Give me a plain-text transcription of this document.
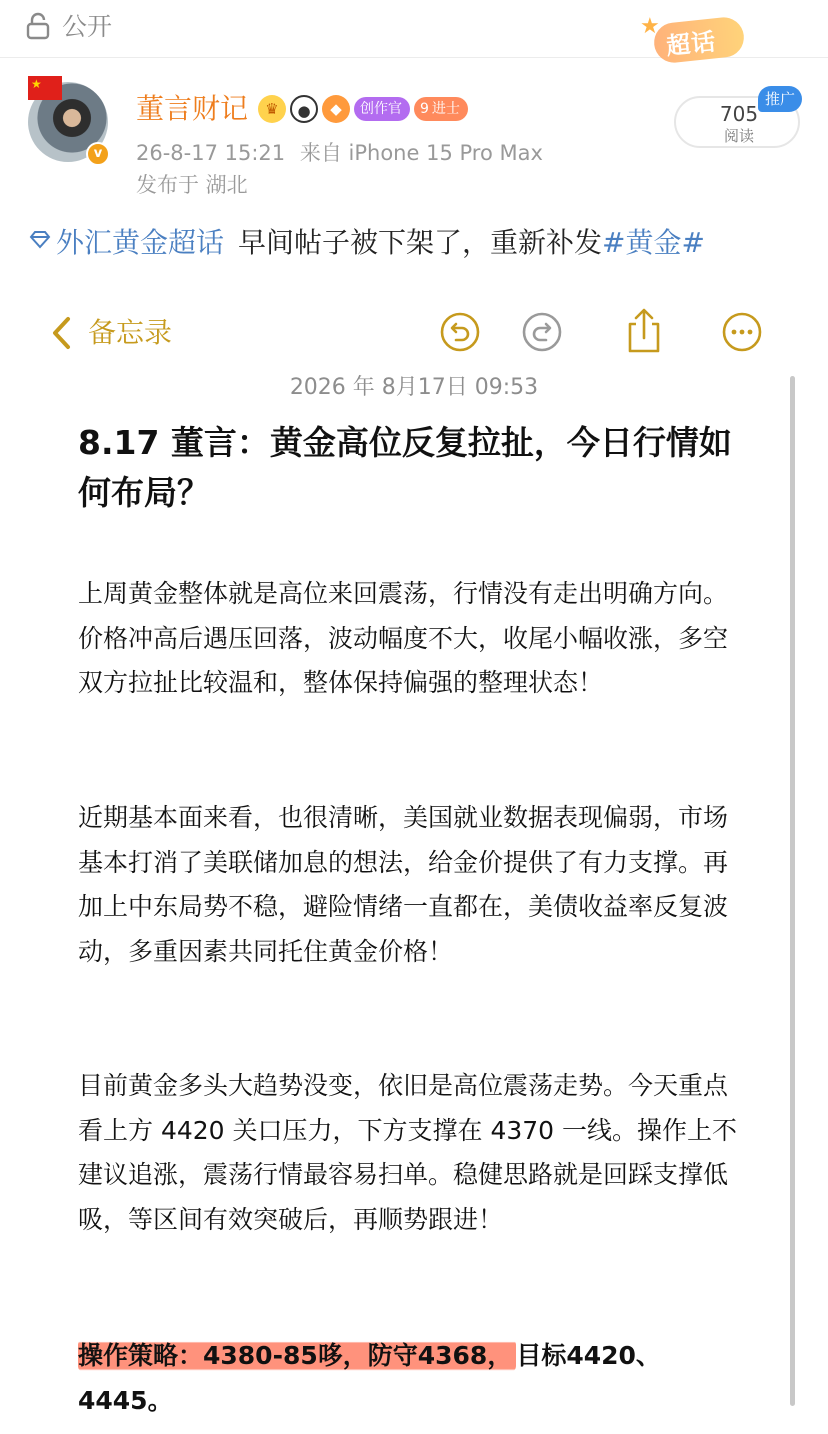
公开	★
超话
★
v
董言财记	♛	●	◆	创作官 9 进士
26-8-17 15:21 来自 iPhone 15 Pro Max
发布于 湖北
705
阅读
推广
外汇黄金超话 早间帖子被下架了，重新补发#黄金#
备忘录
2026 年 8月17日 09:53
8.17 董言：黄金高位反复拉扯，今日行情如何布局？
上周黄金整体就是高位来回震荡，行情没有走出明确方向。价格冲高后遇压回落，波动幅度不大，收尾小幅收涨，多空双方拉扯比较温和，整体保持偏强的整理状态！
近期基本面来看，也很清晰，美国就业数据表现偏弱，市场基本打消了美联储加息的想法，给金价提供了有力支撑。再加上中东局势不稳，避险情绪一直都在，美债收益率反复波动，多重因素共同托住黄金价格！
目前黄金多头大趋势没变，依旧是高位震荡走势。今天重点看上方 4420 关口压力，下方支撑在 4370 一线。操作上不建议追涨，震荡行情最容易扫单。稳健思路就是回踩支撑低吸，等区间有效突破后，再顺势跟进！
操作策略：4380-85哆，防守4368， 目标4420、4445。
